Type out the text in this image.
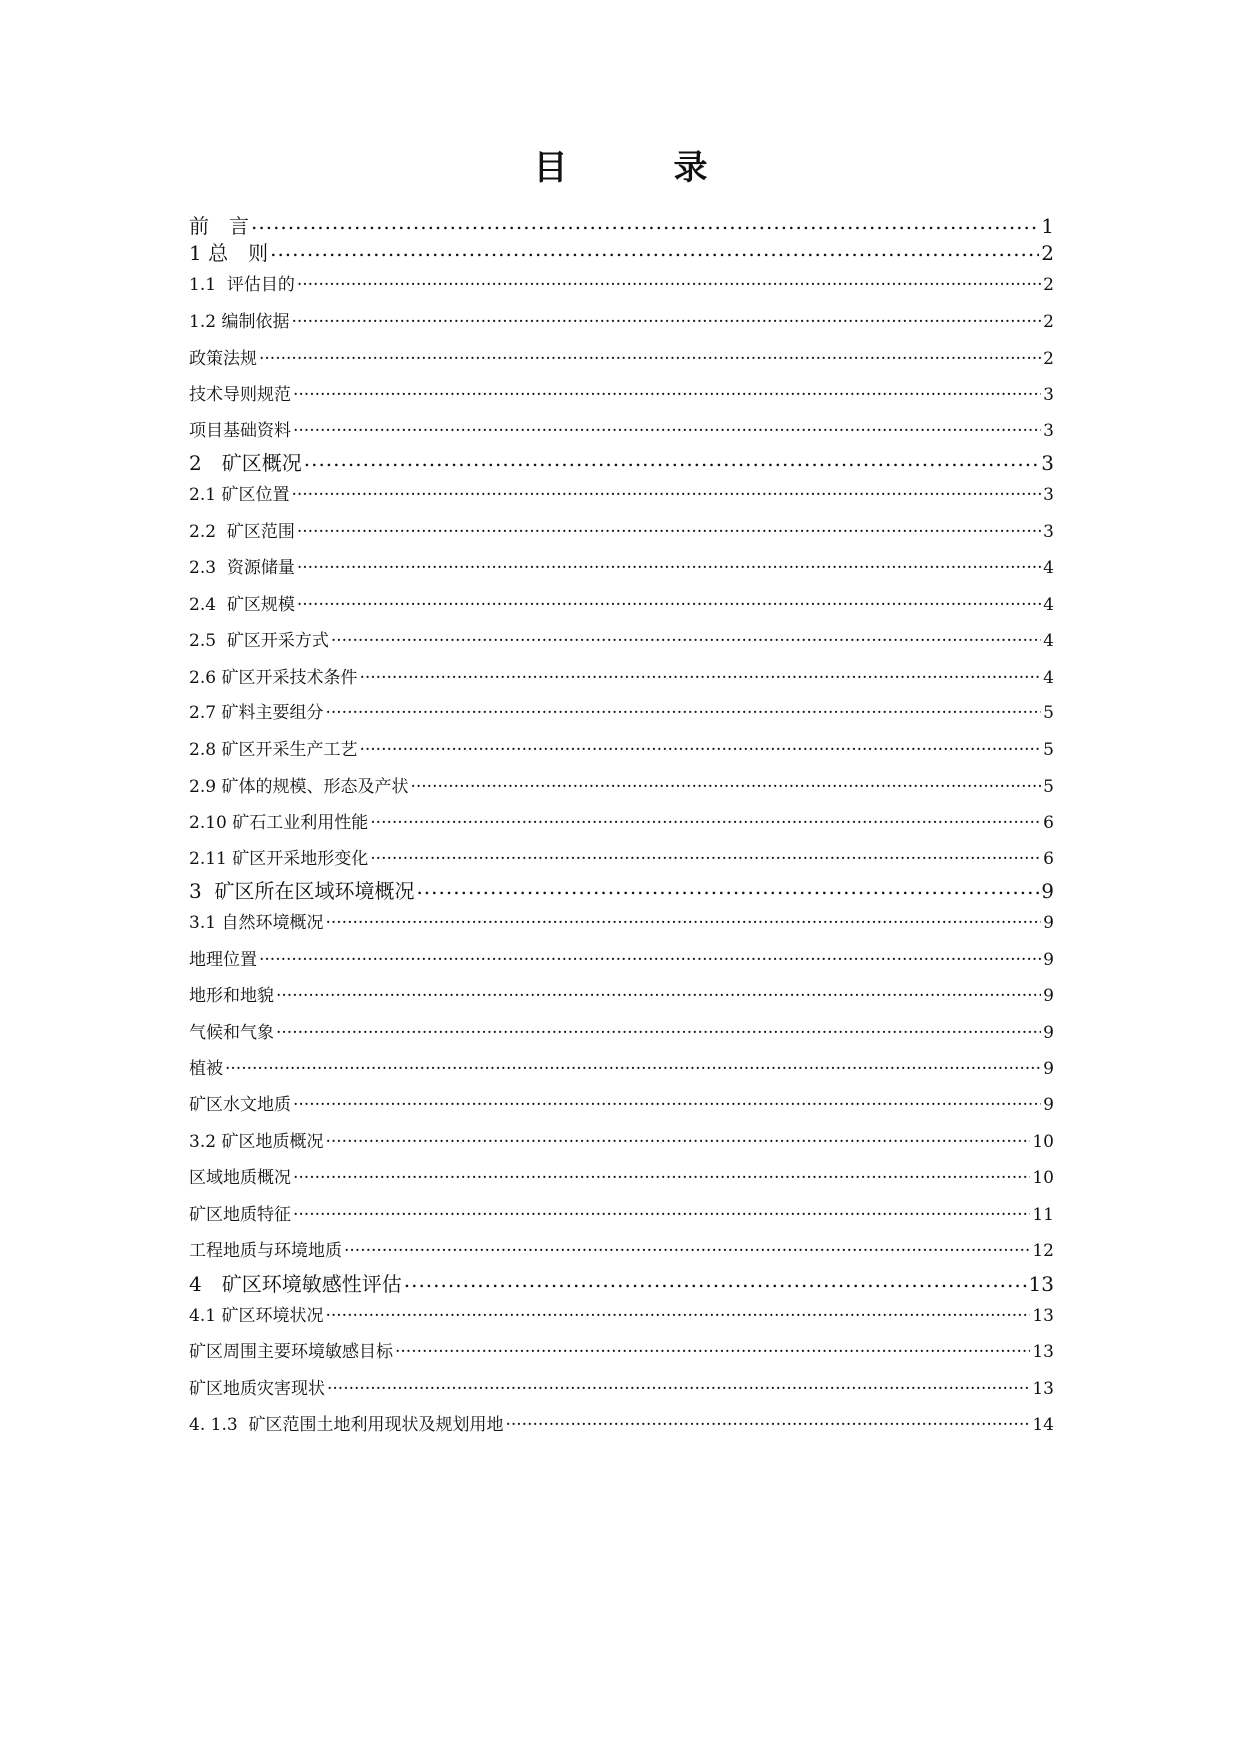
目　录
前　言 .....	1
1 总　则 .....	2
1.1  评估目的 .....	2
1.2 编制依据 .....	2
政策法规 .....	2
技术导则规范 .....	3
项目基础资料 .....	3
2　矿区概况 .....	3
2.1 矿区位置 .....	3
2.2  矿区范围 .....	3
2.3  资源储量 .....	4
2.4  矿区规模 .....	4
2.5  矿区开采方式 .....	4
2.6 矿区开采技术条件 .....	4
2.7 矿料主要组分 .....	5
2.8 矿区开采生产工艺 .....	5
2.9 矿体的规模、形态及产状 .....	5
2.10 矿石工业利用性能 .....	6
2.11 矿区开采地形变化 .....	6
3  矿区所在区域环境概况 .....	9
3.1 自然环境概况 .....	9
地理位置 .....	9
地形和地貌 .....	9
气候和气象 .....	9
植被 .....	9
矿区水文地质 .....	9
3.2 矿区地质概况 .....	10
区域地质概况 .....	10
矿区地质特征 .....	11
工程地质与环境地质 .....	12
4　矿区环境敏感性评估 .....	13
4.1 矿区环境状况 .....	13
矿区周围主要环境敏感目标 .....	13
矿区地质灾害现状 .....	13
4. 1.3  矿区范围土地利用现状及规划用地 .....	14
